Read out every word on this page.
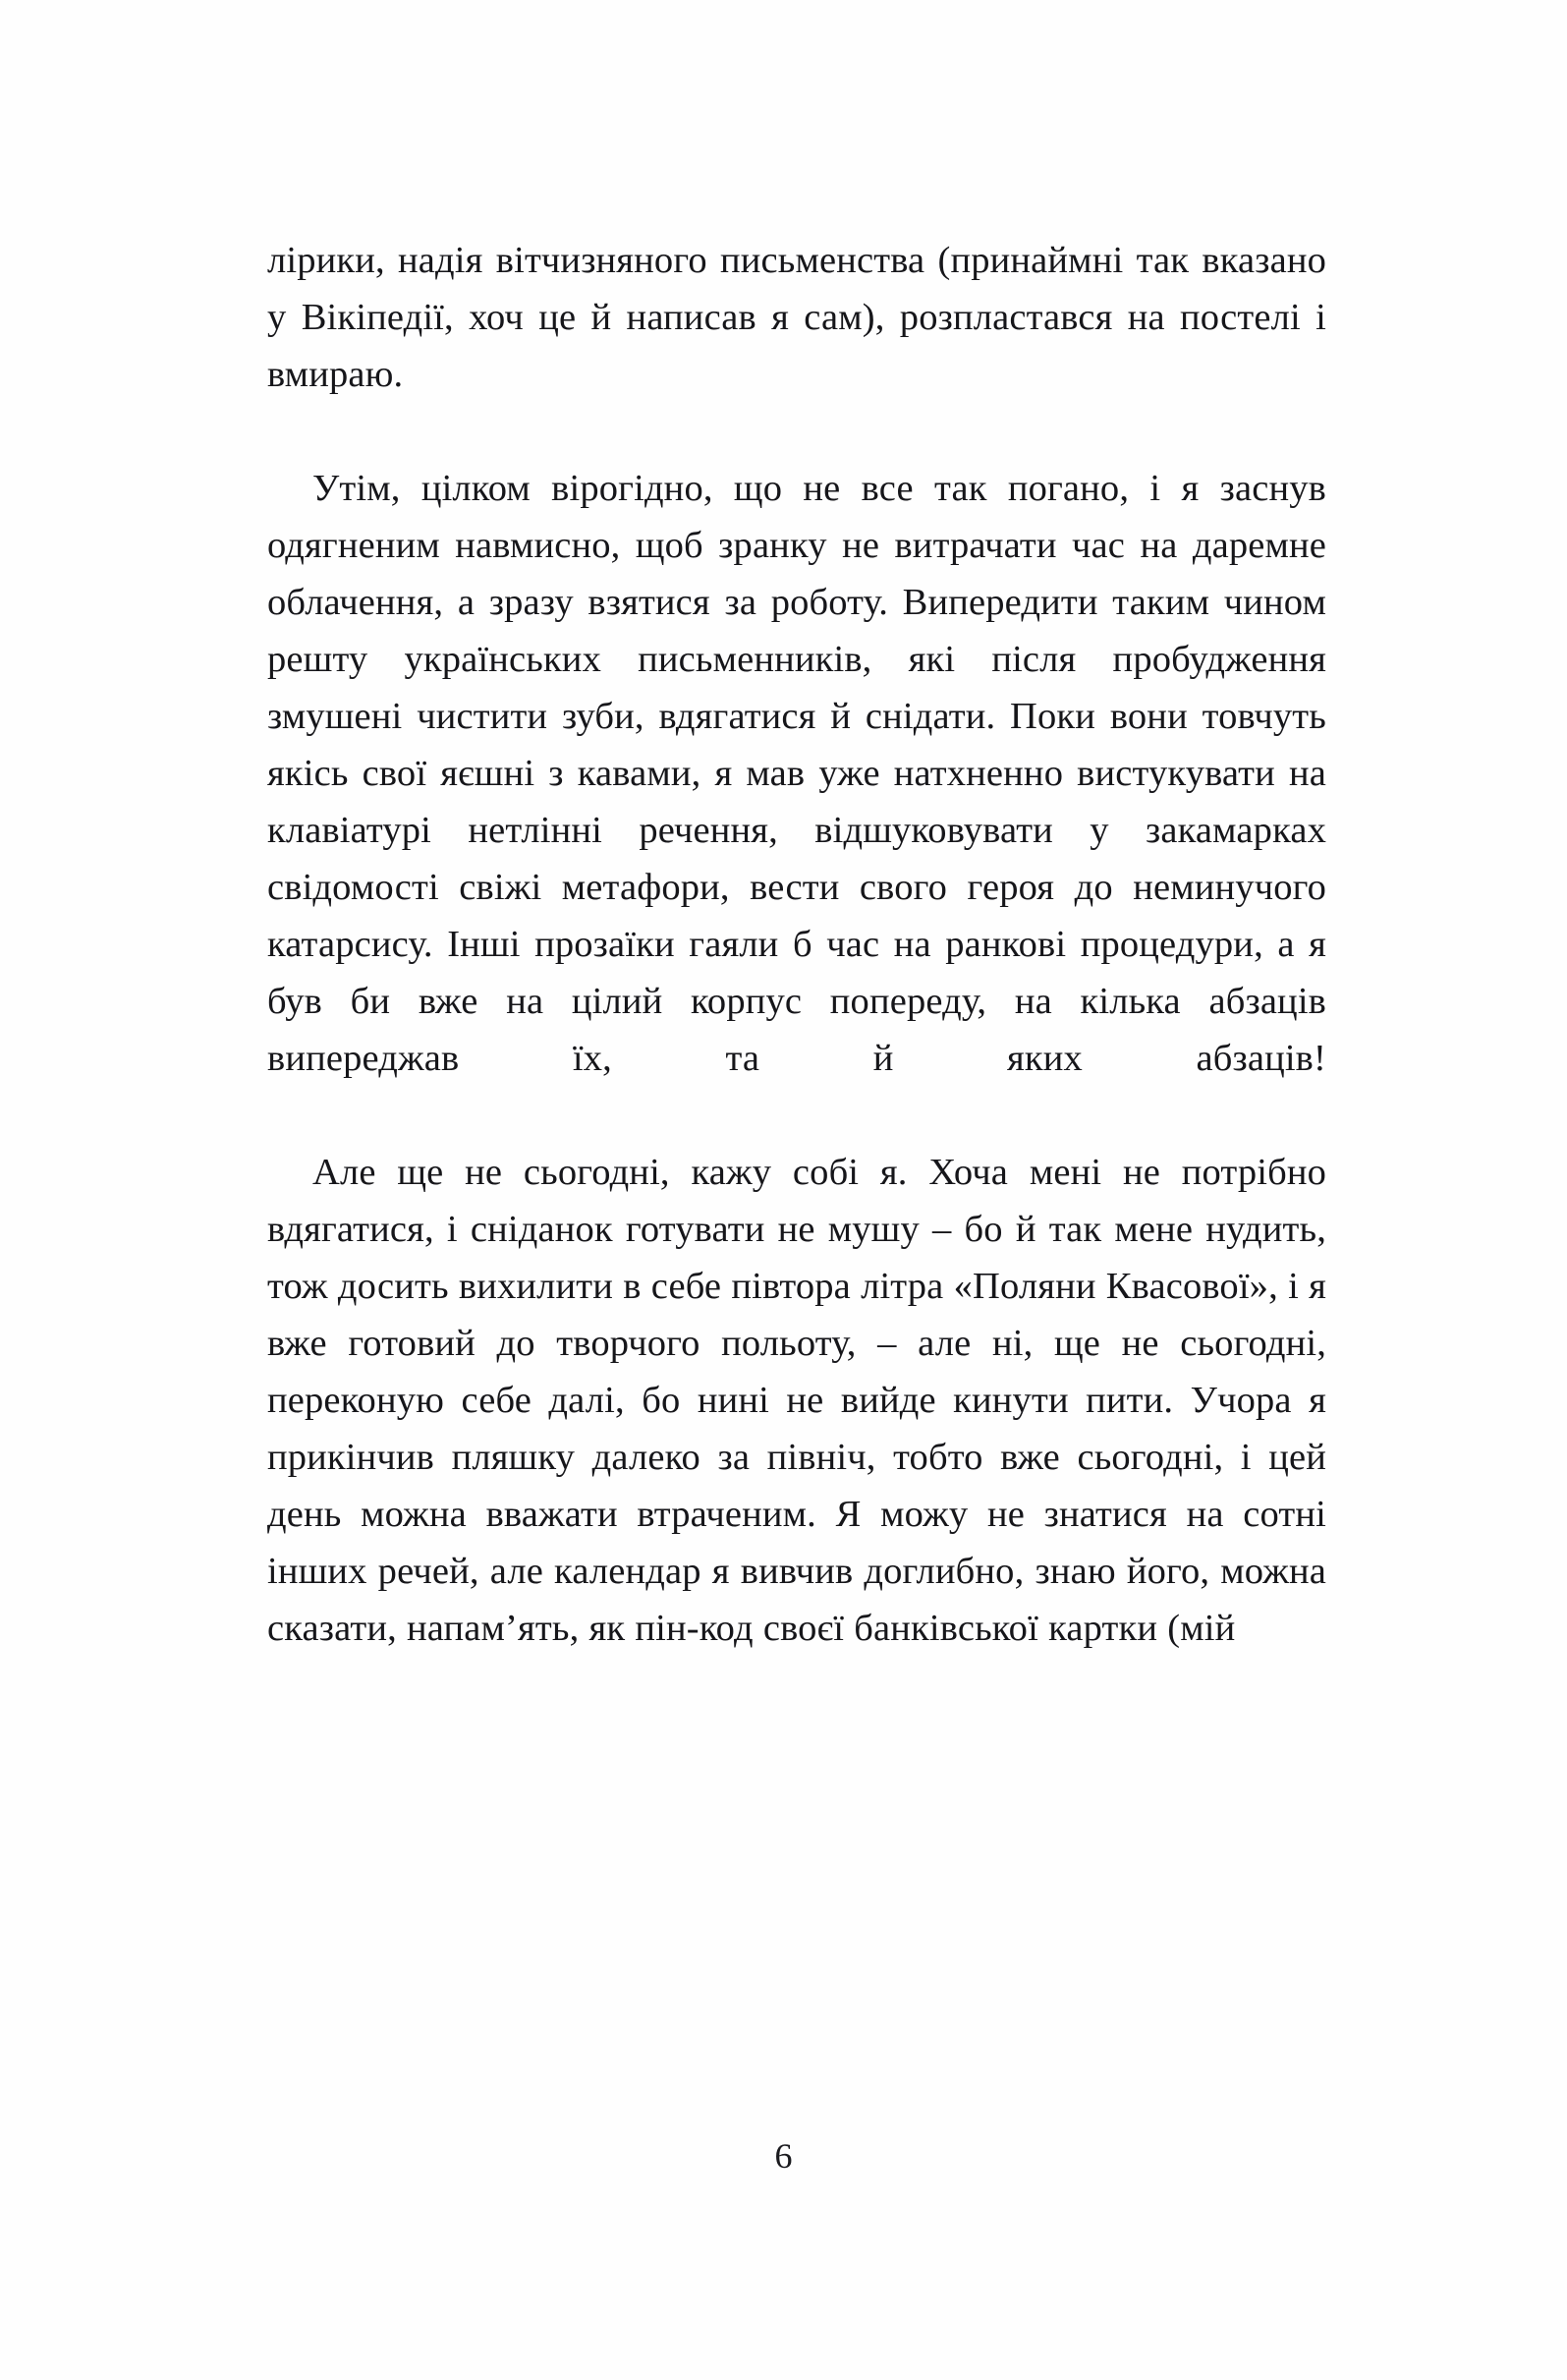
лірики, надія вітчизняного письменства (принаймні так вказано у Вікіпедії, хоч це й написав я сам), розпластався на постелі і вмираю.

Утім, цілком вірогідно, що не все так погано, і я заснув одягненим навмисно, щоб зранку не витрачати час на даремне облачення, а зразу взятися за роботу. Випередити таким чином решту українських письменників, які після пробудження змушені чистити зуби, вдягатися й снідати. Поки вони товчуть якісь свої яєшні з кавами, я мав уже натхненно вистукувати на клавіатурі нетлінні речення, відшуковувати у закамарках свідомості свіжі метафори, вести свого героя до неминучого катарсису. Інші прозаїки гаяли б час на ранкові процедури, а я був би вже на цілий корпус попереду, на кілька абзаців випереджав їх, та й яких абзаців!

Але ще не сьогодні, кажу собі я. Хоча мені не потрібно вдягатися, і сніданок готувати не мушу – бо й так мене нудить, тож досить вихилити в себе півтора літра «Поляни Квасової», і я вже готовий до творчого польоту, – але ні, ще не сьогодні, переконую себе далі, бо нині не вийде кинути пити. Учора я прикінчив пляшку далеко за північ, тобто вже сьогодні, і цей день можна вважати втраченим. Я можу не знатися на сотні інших речей, але календар я вивчив доглибно, знаю його, можна сказати, напам’ять, як пін-код своєї банківської картки (мій

6
